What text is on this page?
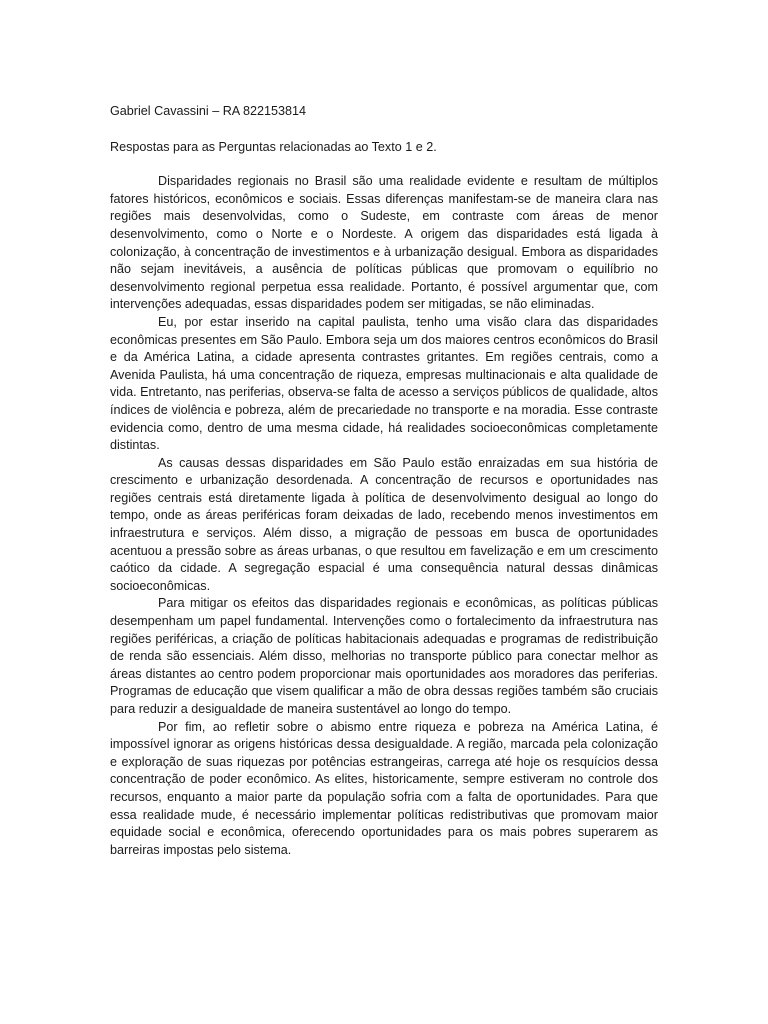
Gabriel Cavassini – RA 822153814

Respostas para as Perguntas relacionadas ao Texto 1 e 2.

Disparidades regionais no Brasil são uma realidade evidente e resultam de múltiplos fatores históricos, econômicos e sociais. Essas diferenças manifestam-se de maneira clara nas regiões mais desenvolvidas, como o Sudeste, em contraste com áreas de menor desenvolvimento, como o Norte e o Nordeste. A origem das disparidades está ligada à colonização, à concentração de investimentos e à urbanização desigual. Embora as disparidades não sejam inevitáveis, a ausência de políticas públicas que promovam o equilíbrio no desenvolvimento regional perpetua essa realidade. Portanto, é possível argumentar que, com intervenções adequadas, essas disparidades podem ser mitigadas, se não eliminadas.

Eu, por estar inserido na capital paulista, tenho uma visão clara das disparidades econômicas presentes em São Paulo. Embora seja um dos maiores centros econômicos do Brasil e da América Latina, a cidade apresenta contrastes gritantes. Em regiões centrais, como a Avenida Paulista, há uma concentração de riqueza, empresas multinacionais e alta qualidade de vida. Entretanto, nas periferias, observa-se falta de acesso a serviços públicos de qualidade, altos índices de violência e pobreza, além de precariedade no transporte e na moradia. Esse contraste evidencia como, dentro de uma mesma cidade, há realidades socioeconômicas completamente distintas.

As causas dessas disparidades em São Paulo estão enraizadas em sua história de crescimento e urbanização desordenada. A concentração de recursos e oportunidades nas regiões centrais está diretamente ligada à política de desenvolvimento desigual ao longo do tempo, onde as áreas periféricas foram deixadas de lado, recebendo menos investimentos em infraestrutura e serviços. Além disso, a migração de pessoas em busca de oportunidades acentuou a pressão sobre as áreas urbanas, o que resultou em favelização e em um crescimento caótico da cidade. A segregação espacial é uma consequência natural dessas dinâmicas socioeconômicas.

Para mitigar os efeitos das disparidades regionais e econômicas, as políticas públicas desempenham um papel fundamental. Intervenções como o fortalecimento da infraestrutura nas regiões periféricas, a criação de políticas habitacionais adequadas e programas de redistribuição de renda são essenciais. Além disso, melhorias no transporte público para conectar melhor as áreas distantes ao centro podem proporcionar mais oportunidades aos moradores das periferias. Programas de educação que visem qualificar a mão de obra dessas regiões também são cruciais para reduzir a desigualdade de maneira sustentável ao longo do tempo.

Por fim, ao refletir sobre o abismo entre riqueza e pobreza na América Latina, é impossível ignorar as origens históricas dessa desigualdade. A região, marcada pela colonização e exploração de suas riquezas por potências estrangeiras, carrega até hoje os resquícios dessa concentração de poder econômico. As elites, historicamente, sempre estiveram no controle dos recursos, enquanto a maior parte da população sofria com a falta de oportunidades. Para que essa realidade mude, é necessário implementar políticas redistributivas que promovam maior equidade social e econômica, oferecendo oportunidades para os mais pobres superarem as barreiras impostas pelo sistema.
